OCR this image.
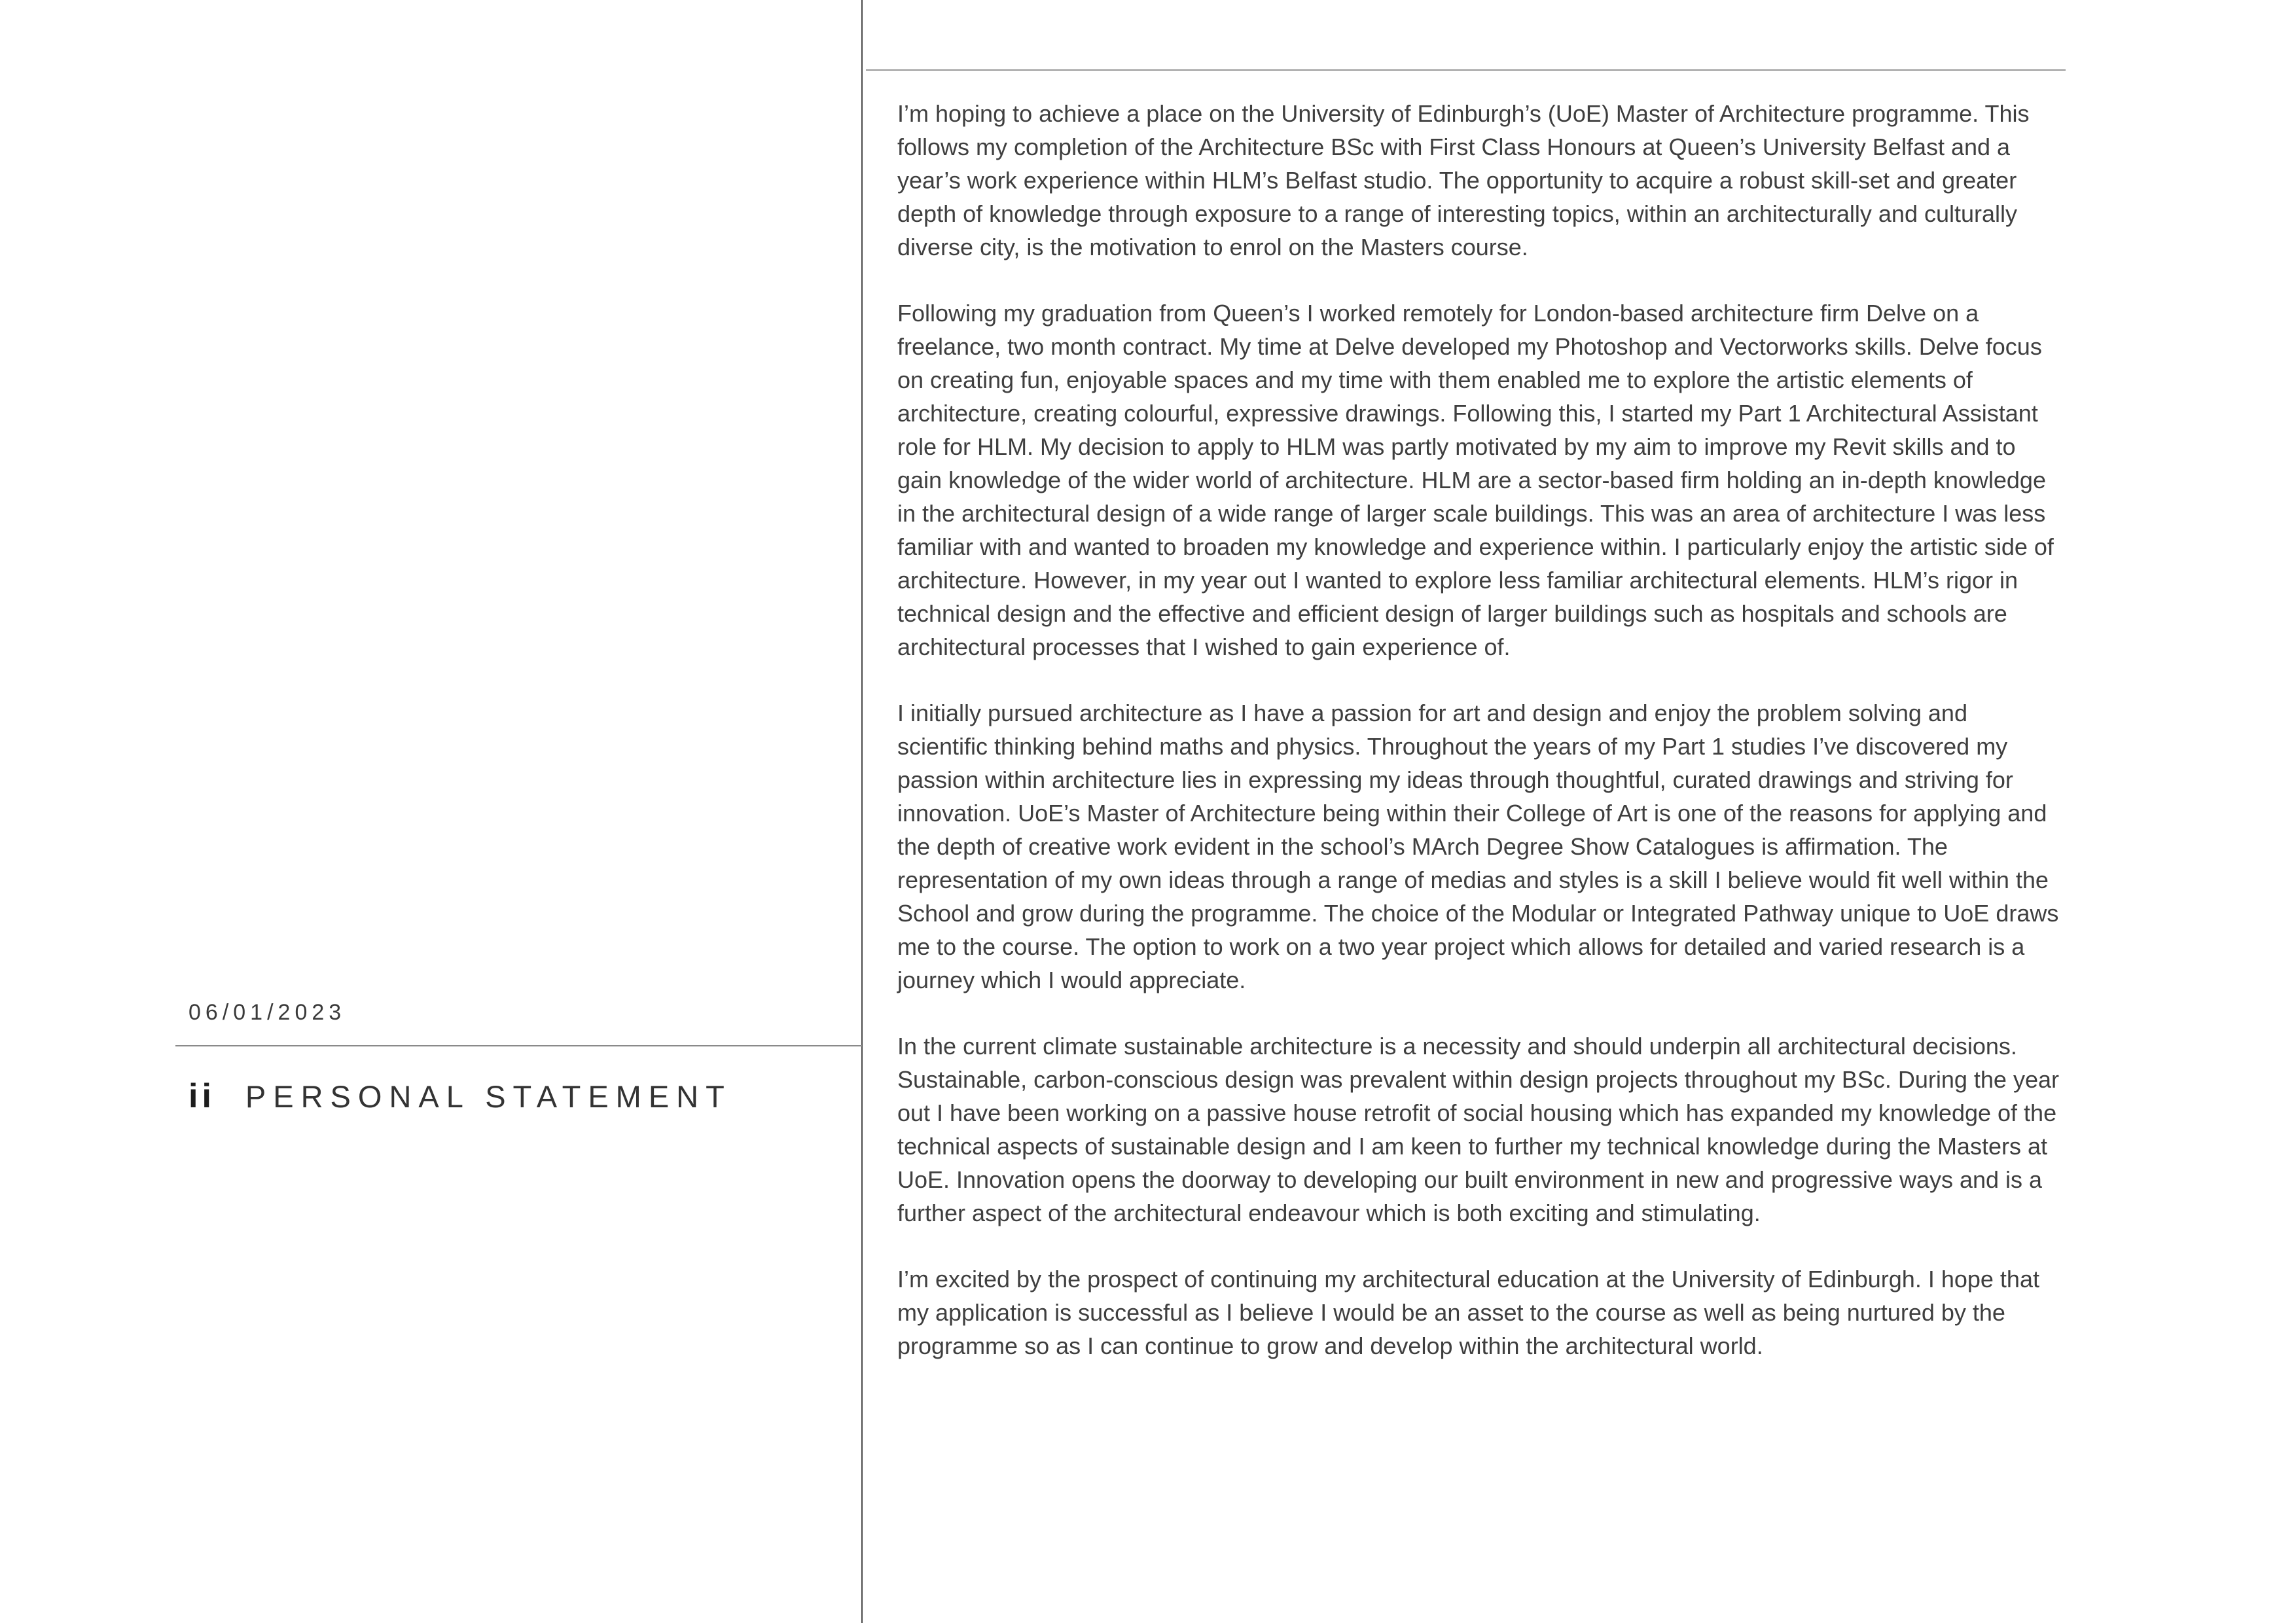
06/01/2023
ii PERSONAL STATEMENT

I’m hoping to achieve a place on the University of Edinburgh’s (UoE) Master of Architecture programme. This follows my completion of the Architecture BSc with First Class Honours at Queen’s University Belfast and a year’s work experience within HLM’s Belfast studio. The opportunity to acquire a robust skill-set and greater depth of knowledge through exposure to a range of interesting topics, within an architecturally and culturally diverse city, is the motivation to enrol on the Masters course.

Following my graduation from Queen’s I worked remotely for London-based architecture firm Delve on a freelance, two month contract. My time at Delve developed my Photoshop and Vectorworks skills. Delve focus on creating fun, enjoyable spaces and my time with them enabled me to explore the artistic elements of architecture, creating colourful, expressive drawings. Following this, I started my Part 1 Architectural Assistant role for HLM. My decision to apply to HLM was partly motivated by my aim to improve my Revit skills and to gain knowledge of the wider world of architecture. HLM are a sector-based firm holding an in-depth knowledge in the architectural design of a wide range of larger scale buildings. This was an area of architecture I was less familiar with and wanted to broaden my knowledge and experience within. I particularly enjoy the artistic side of architecture. However, in my year out I wanted to explore less familiar architectural elements. HLM’s rigor in technical design and the effective and efficient design of larger buildings such as hospitals and schools are architectural processes that I wished to gain experience of.

I initially pursued architecture as I have a passion for art and design and enjoy the problem solving and scientific thinking behind maths and physics. Throughout the years of my Part 1 studies I’ve discovered my passion within architecture lies in expressing my ideas through thoughtful, curated drawings and striving for innovation. UoE’s Master of Architecture being within their College of Art is one of the reasons for applying and the depth of creative work evident in the school’s MArch Degree Show Catalogues is affirmation. The representation of my own ideas through a range of medias and styles is a skill I believe would fit well within the School and grow during the programme. The choice of the Modular or Integrated Pathway unique to UoE draws me to the course. The option to work on a two year project which allows for detailed and varied research is a journey which I would appreciate.

In the current climate sustainable architecture is a necessity and should underpin all architectural decisions. Sustainable, carbon-conscious design was prevalent within design projects throughout my BSc. During the year out I have been working on a passive house retrofit of social housing which has expanded my knowledge of the technical aspects of sustainable design and I am keen to further my technical knowledge during the Masters at UoE. Innovation opens the doorway to developing our built environment in new and progressive ways and is a further aspect of the architectural endeavour which is both exciting and stimulating.

I’m excited by the prospect of continuing my architectural education at the University of Edinburgh. I hope that my application is successful as I believe I would be an asset to the course as well as being nurtured by the programme so as I can continue to grow and develop within the architectural world.
